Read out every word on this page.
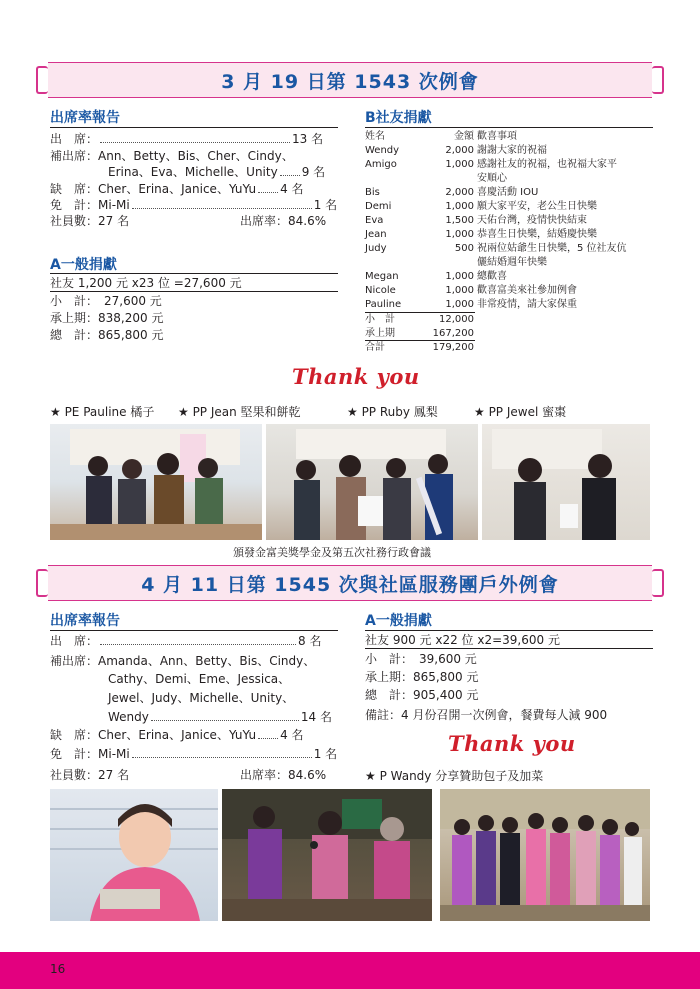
3 月 19 日第 1543 次例會
出席率報告
出　席：	13 名
補出席：Ann、Betty、Bis、Cher、Cindy、
Erina、Eva、Michelle、Unity 9 名
缺　席：Cher、Erina、Janice、YuYu 4 名
免　計：Mi-Mi	1 名
社員數：27 名	出席率：84.6%
A一般捐獻
社友 1,200 元 x23 位 =27,600 元
小　計：　27,600 元
承上期：838,200 元
總　計：865,800 元
B社友捐獻
姓名	金額 歡喜事項
Wendy	2,000 謝謝大家的祝福
Amigo	1,000 感謝社友的祝福，也祝福大家平
安順心
Bis	2,000 喜慶活動 IOU
Demi	1,000 願大家平安，老公生日快樂
Eva	1,500 天佑台灣，疫情快快結束
Jean	1,000 恭喜生日快樂，結婚慶快樂
Judy	500 祝兩位姑爺生日快樂，5 位社友伉
儷結婚週年快樂
Megan	1,000 總歡喜
Nicole	1,000 歡喜富美來社參加例會
Pauline	1,000 非常疫情，請大家保重
小　計	12,000
承上期	167,200
合計	179,200
Thank you
★ PE Pauline 橘子 ★ PP Jean 堅果和餅乾	★ PP Ruby 鳳梨	★ PP Jewel 蜜棗
頒發金富美獎學金及第五次社務行政會議
4 月 11 日第 1545 次與社區服務團戶外例會
出席率報告
出　席：	8 名
補出席：Amanda、Ann、Betty、Bis、Cindy、
Cathy、Demi、Eme、Jessica、
Jewel、Judy、Michelle、Unity、
Wendy	14 名
缺　席：Cher、Erina、Janice、YuYu 4 名
免　計：Mi-Mi	1 名
社員數：27 名	出席率：84.6%
A一般捐獻
社友 900 元 x22 位 x2=39,600 元
小　計：　39,600 元
承上期：865,800 元
總　計：905,400 元
備註：4 月份召開一次例會，餐費每人減 900
Thank you
★ P Wandy 分享贊助包子及加菜
16
